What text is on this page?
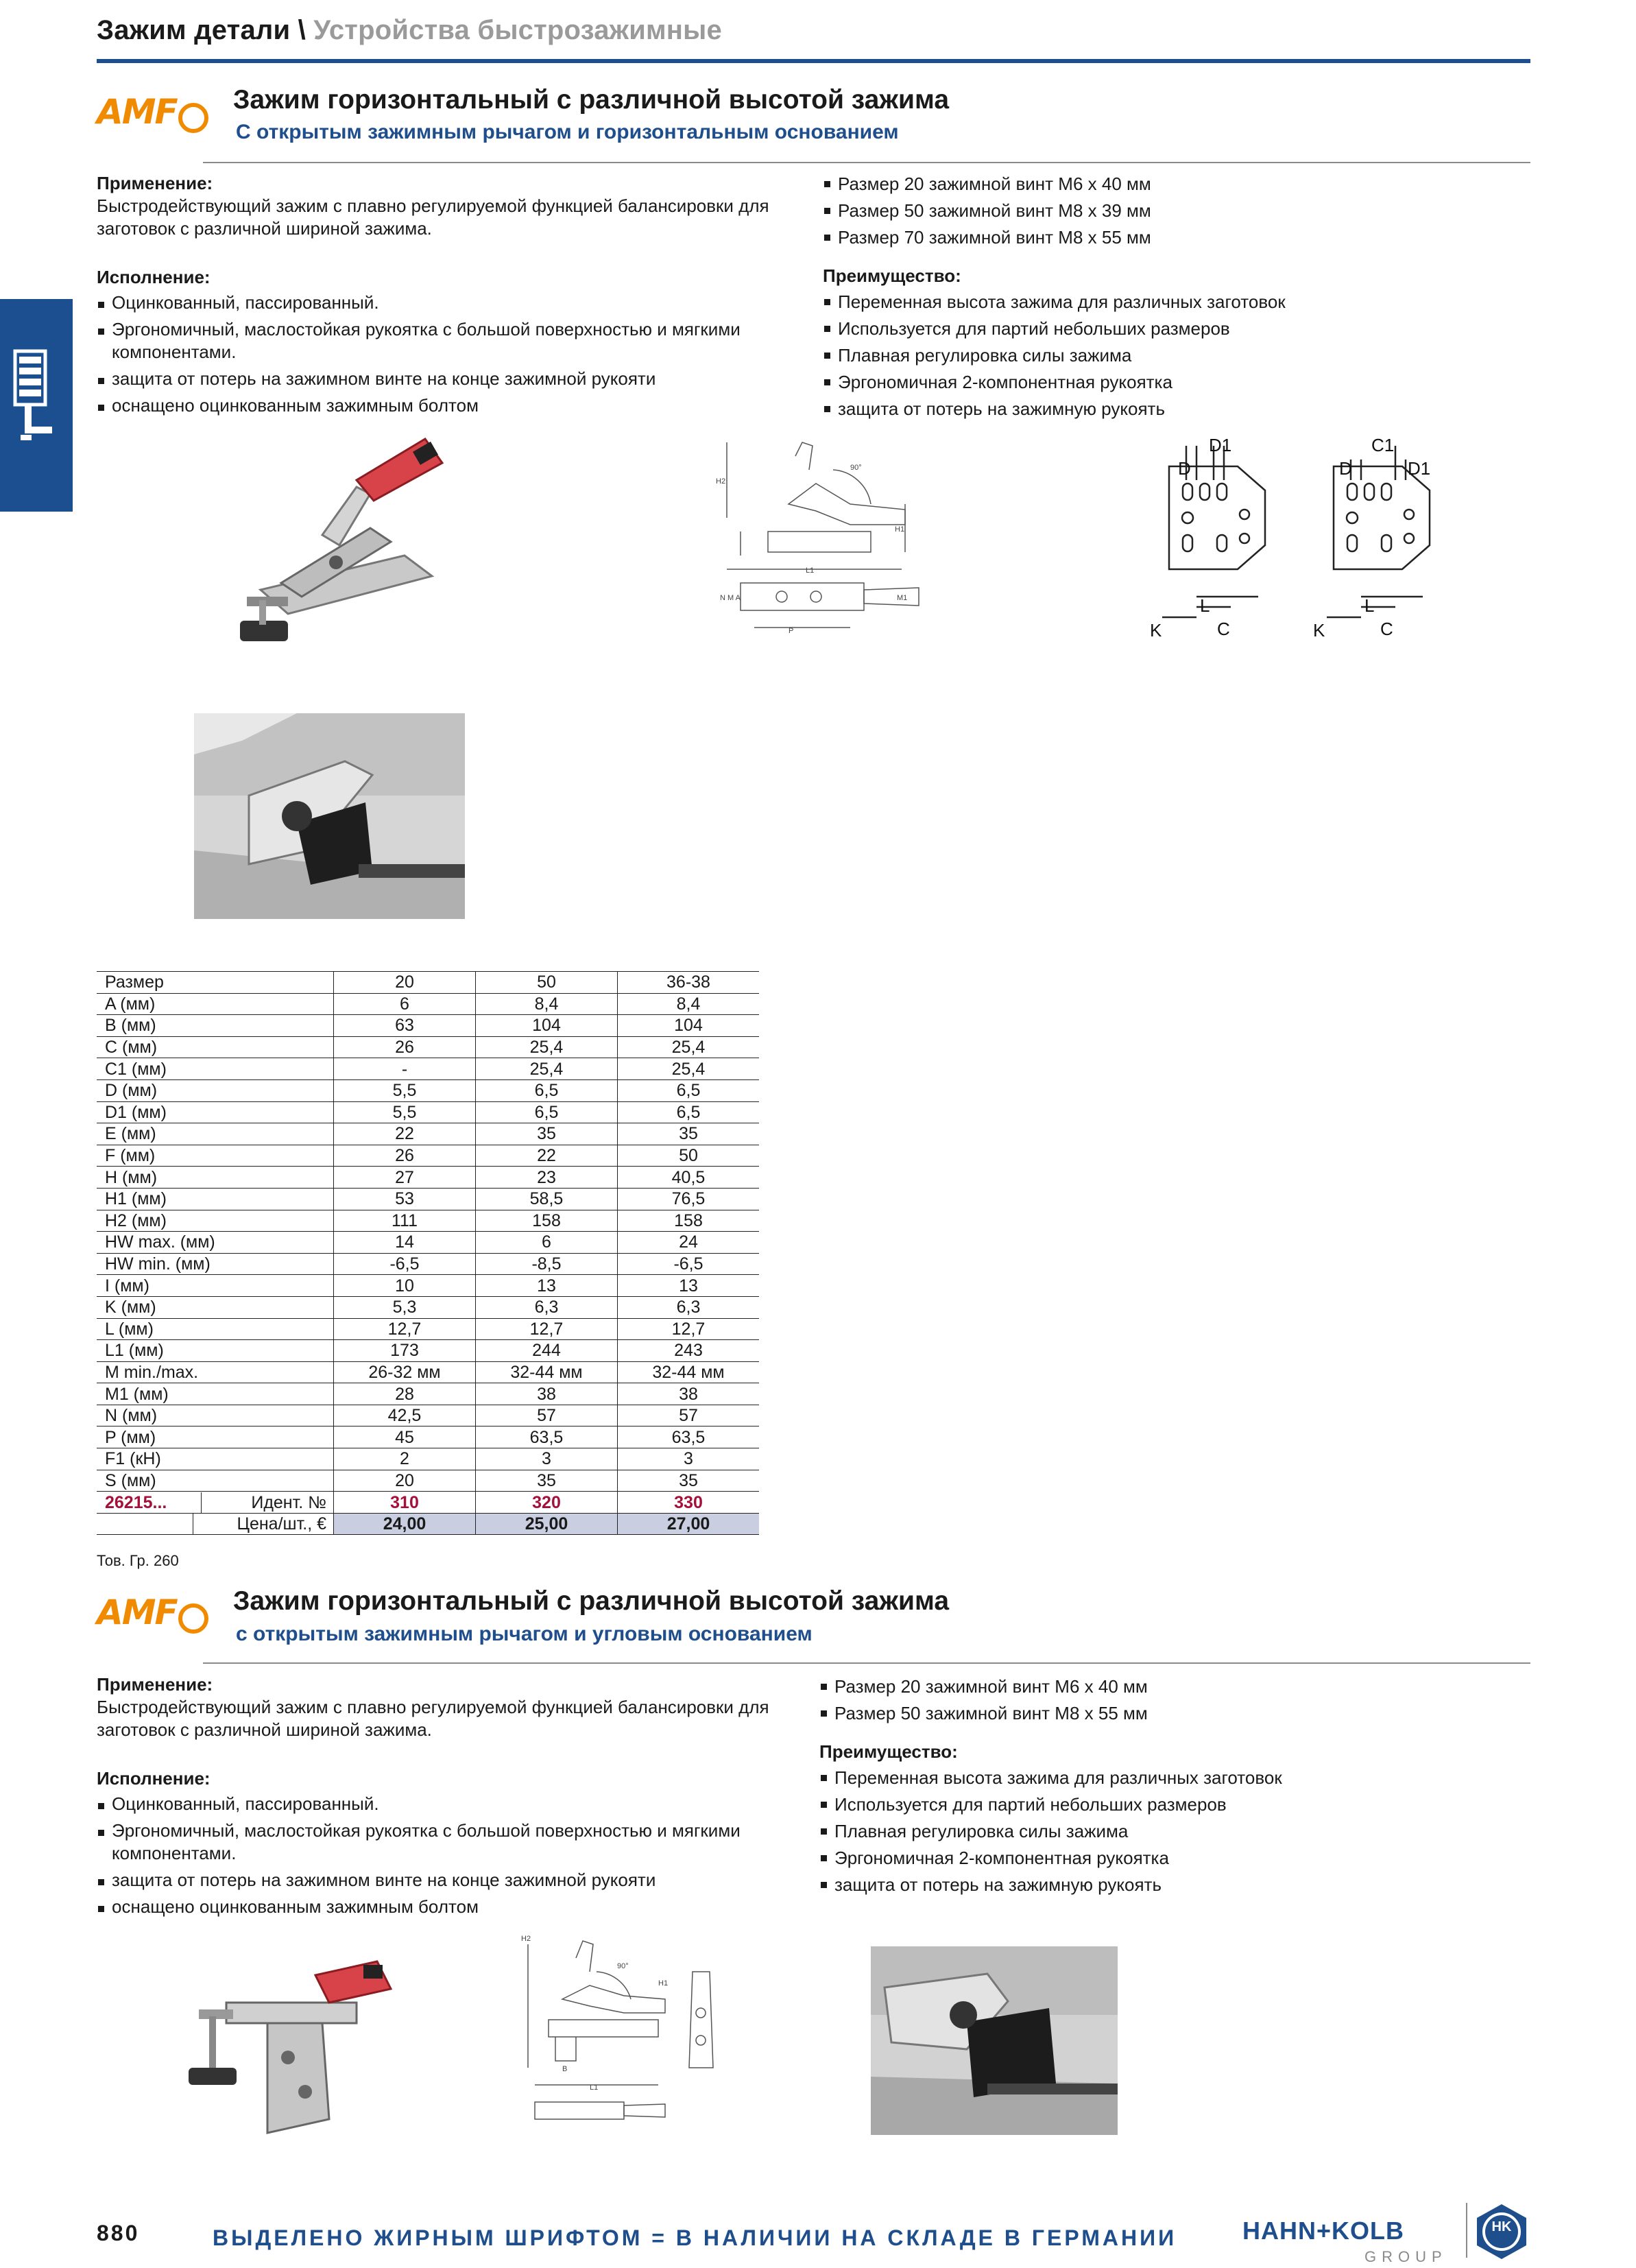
Зажим детали \ Устройства быстрозажимные
AMF	Зажим горизонтальный с различной высотой зажима
С открытым зажимным рычагом и горизонтальным основанием
Применение:
Быстродействующий зажим с плавно регулируемой функцией балансировки для заготовок с различной шириной зажима.
Исполнение:
Оцинкованный, пассированный.
Эргономичный, маслостойкая рукоятка с большой поверхностью и мягкими компонентами.
защита от потерь на зажимном винте на конце зажимной рукояти
оснащено оцинкованным зажимным болтом
Размер 20 зажимной винт М6 x 40 мм
Размер 50 зажимной винт М8 x 39 мм
Размер 70 зажимной винт М8 x 55 мм
Преимущество:
Переменная высота зажима для различных заготовок
Используется для партий небольших размеров
Плавная регулировка силы зажима
Эргономичная 2-компонентная рукоятка
защита от потерь на зажимную рукоять
H2
H1
L1
90°
N M A	M1
P
D1
D
K
L
C
C1
D	D1
K
L
C
Размер	20	50	36-38
A (мм)	6	8,4	8,4
B (мм)	63	104	104
C (мм)	26	25,4	25,4
C1 (мм)	-	25,4	25,4
D (мм)	5,5	6,5	6,5
D1 (мм)	5,5	6,5	6,5
E (мм)	22	35	35
F (мм)	26	22	50
H (мм)	27	23	40,5
H1 (мм)	53	58,5	76,5
H2 (мм)	111	158	158
HW max. (мм)	14	6	24
HW min. (мм)	-6,5	-8,5	-6,5
I (мм)	10	13	13
K (мм)	5,3	6,3	6,3
L (мм)	12,7	12,7	12,7
L1 (мм)	173	244	243
M min./max.	26-32 мм	32-44 мм	32-44 мм
M1 (мм)	28	38	38
N (мм)	42,5	57	57
P (мм)	45	63,5	63,5
F1 (кН)	2	3	3
S (мм)	20	35	35

26215... Идент. №	310	320	330

Цена/шт., €	24,00	25,00	27,00
Тов. Гр. 260
AMF	Зажим горизонтальный с различной высотой зажима
с открытым зажимным рычагом и угловым основанием
Применение:
Быстродействующий зажим с плавно регулируемой функцией балансировки для заготовок с различной шириной зажима.
Исполнение:
Оцинкованный, пассированный.
Эргономичный, маслостойкая рукоятка с большой поверхностью и мягкими компонентами.
защита от потерь на зажимном винте на конце зажимной рукояти
оснащено оцинкованным зажимным болтом
Размер 20 зажимной винт М6 x 40 мм
Размер 50 зажимной винт М8 x 55 мм
Преимущество:
Переменная высота зажима для различных заготовок
Используется для партий небольших размеров
Плавная регулировка силы зажима
Эргономичная 2-компонентная рукоятка
защита от потерь на зажимную рукоять
H2
H1
L1
90°
B
880	ВЫДЕЛЕНО ЖИРНЫМ ШРИФТОМ = В НАЛИЧИИ НА СКЛАДЕ В ГЕРМАНИИ	HAHN+KOLB
GROUP
HK
